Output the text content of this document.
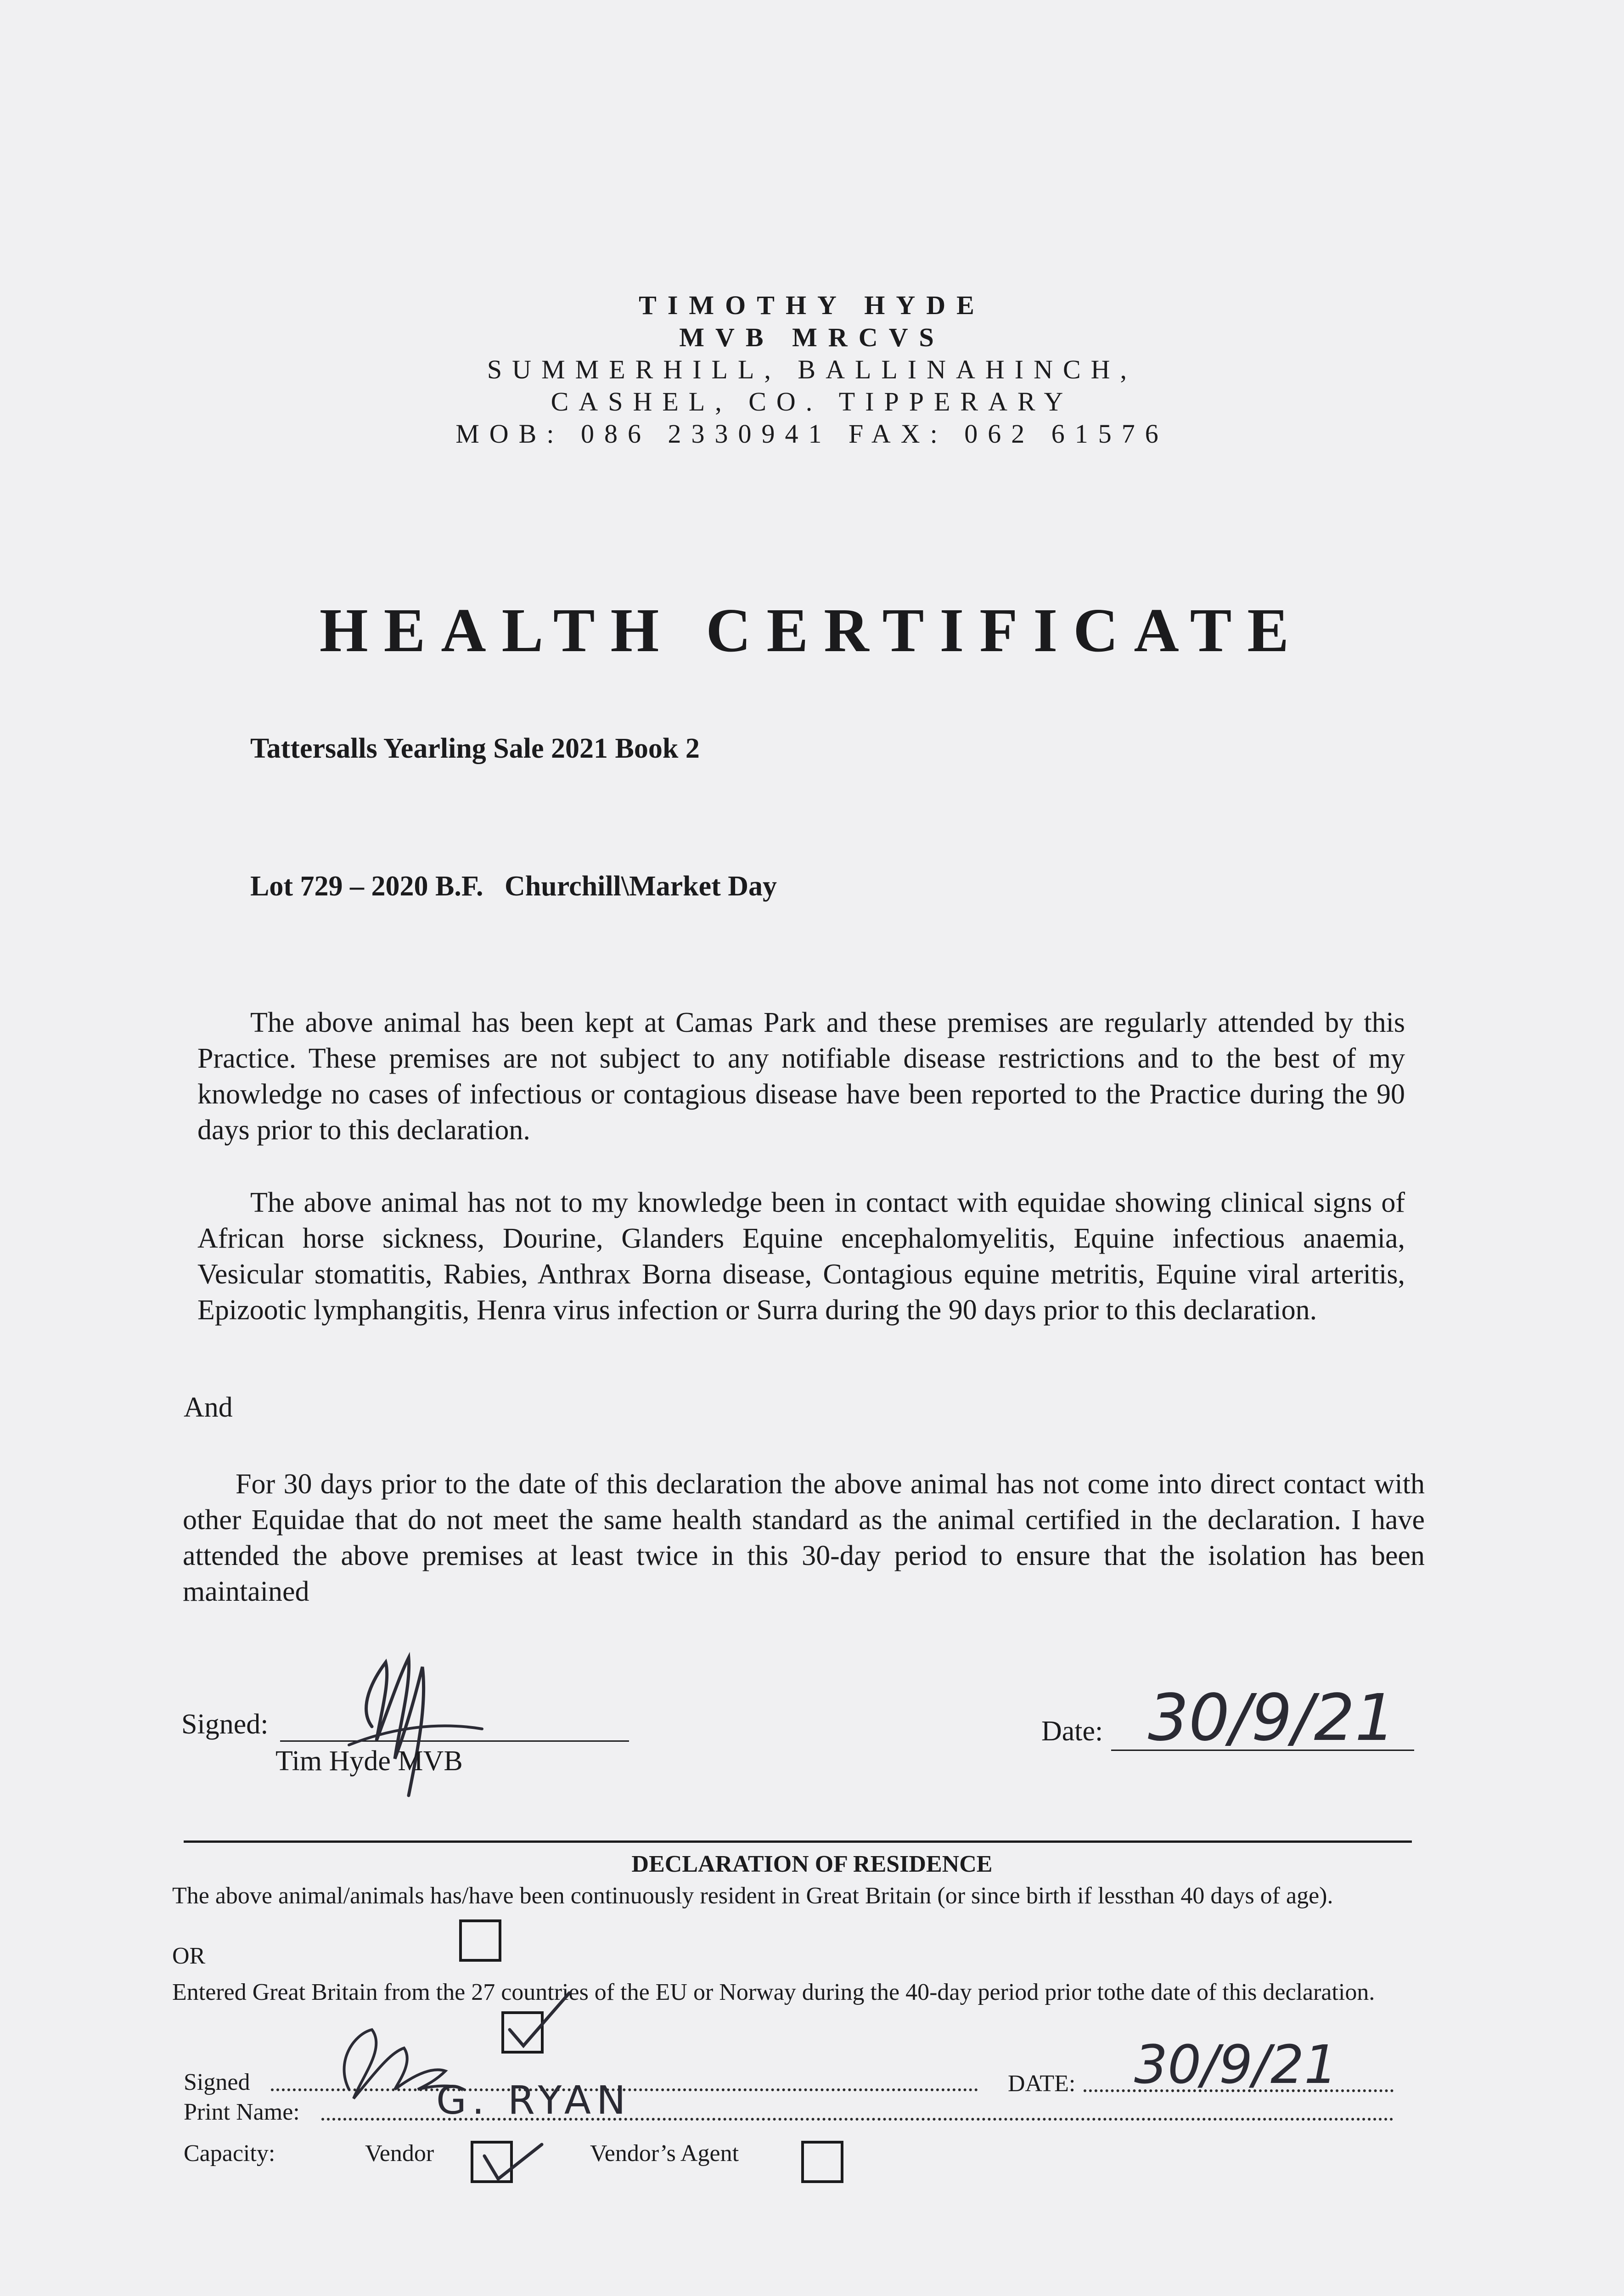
TIMOTHY HYDE
MVB MRCVS
SUMMERHILL, BALLINAHINCH,
CASHEL, CO. TIPPERARY
MOB: 086 2330941 FAX: 062 61576
HEALTH CERTIFICATE
Tattersalls Yearling Sale 2021 Book 2
Lot 729 – 2020 B.F.   Churchill\Market Day

The above animal has been kept at Camas Park and these premises are regularly attended by this Practice. These premises are not subject to any notifiable disease restrictions and to the best of my knowledge no cases of infectious or contagious disease have been reported to the Practice during the 90 days prior to this declaration.

The above animal has not to my knowledge been in contact with equidae showing clinical signs of African horse sickness, Dourine, Glanders Equine encephalomyelitis, Equine infectious anaemia, Vesicular stomatitis, Rabies, Anthrax Borna disease, Contagious equine metritis, Equine viral arteritis, Epizootic lymphangitis, Henra virus infection or Surra during the 90 days prior to this declaration.

And

For 30 days prior to the date of this declaration the above animal has not come into direct contact with other Equidae that do not meet the same health standard as the animal certified in the declaration. I have attended the above premises at least twice in this 30-day period to ensure that the isolation has been maintained

Signed:
Tim Hyde MVB
Date: 30/9/21
DECLARATION OF RESIDENCE

The above animal/animals has/have been continuously resident in Great Britain (or since birth if lessthan 40 days of age).

OR

Entered Great Britain from the 27 countries of the EU or Norway during the 40-day period prior tothe date of this declaration.

Signed	DATE: 30/9/21
Print Name:	G. RYAN
Capacity:	Vendor	Vendor’s Agent
